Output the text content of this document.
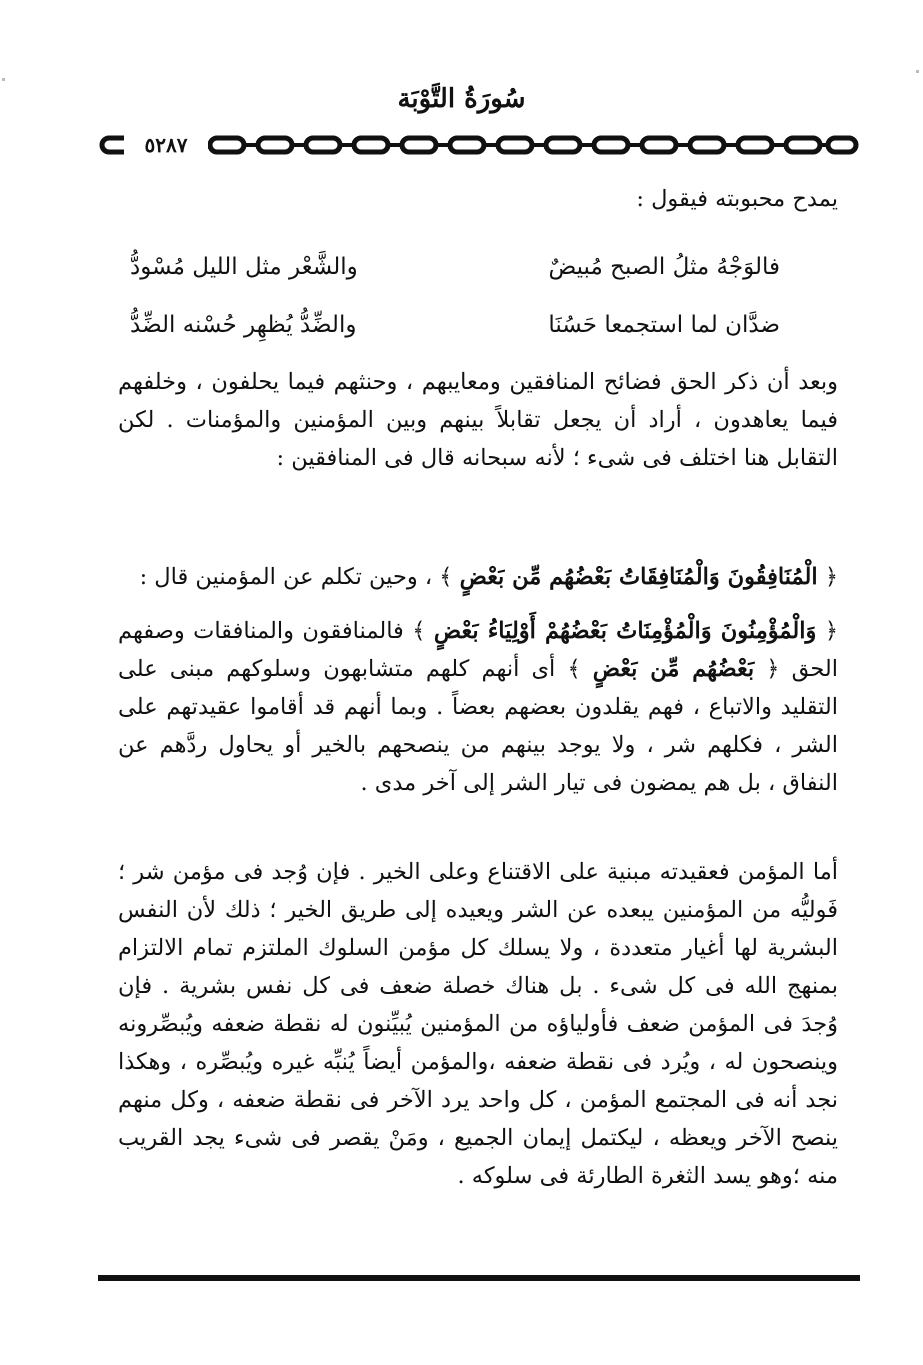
سُورَةُ التَّوْبَة
٥٢٨٧
يمدح محبوبته فيقول :
فالوَجْهُ مثلُ الصبح مُبيضٌ
والشَّعْر مثل الليل مُسْودُّ
ضدَّان لما استجمعا حَسُنَا
والضِّدُّ يُظهِر حُسْنه الضِّدُّ
وبعد أن ذكر الحق فضائح المنافقين ومعايبهم ، وحنثهم فيما يحلفون ، وخلفهم فيما يعاهدون ، أراد أن يجعل تقابلاً بينهم وبين المؤمنين والمؤمنات . لكن التقابل هنا اختلف فى شىء ؛ لأنه سبحانه قال فى المنافقين :
﴿ الْمُنَافِقُونَ وَالْمُنَافِقَاتُ بَعْضُهُم مِّن بَعْضٍ ﴾ ، وحين تكلم عن المؤمنين قال :
﴿ وَالْمُؤْمِنُونَ وَالْمُؤْمِنَاتُ بَعْضُهُمْ أَوْلِيَاءُ بَعْضٍ ﴾ فالمنافقون والمنافقات وصفهم الحق ﴿ بَعْضُهُم مِّن بَعْضٍ ﴾ أى أنهم كلهم متشابهون وسلوكهم مبنى على التقليد والاتباع ، فهم يقلدون بعضهم بعضاً . وبما أنهم قد أقاموا عقيدتهم على الشر ، فكلهم شر ، ولا يوجد بينهم من ينصحهم بالخير أو يحاول ردَّهم عن النفاق ، بل هم يمضون فى تيار الشر إلى آخر مدى .
أما المؤمن فعقيدته مبنية على الاقتناع وعلى الخير . فإن وُجد فى مؤمن شر ؛ فَوليُّه من المؤمنين يبعده عن الشر ويعيده إلى طريق الخير ؛ ذلك لأن النفس البشرية لها أغيار متعددة ، ولا يسلك كل مؤمن السلوك الملتزم تمام الالتزام بمنهج الله فى كل شىء . بل هناك خصلة ضعف فى كل نفس بشرية . فإن وُجدَ فى المؤمن ضعف فأولياؤه من المؤمنين يُبيِّنون له نقطة ضعفه ويُبصِّرونه وينصحون له ، ويُرد فى نقطة ضعفه ،والمؤمن أيضاً يُنبِّه غيره ويُبصِّره ، وهكذا نجد أنه فى المجتمع المؤمن ، كل واحد يرد الآخر فى نقطة ضعفه ، وكل منهم ينصح الآخر ويعظه ، ليكتمل إيمان الجميع ، ومَنْ يقصر فى شىء يجد القريب منه ؛وهو يسد الثغرة الطارئة فى سلوكه .
